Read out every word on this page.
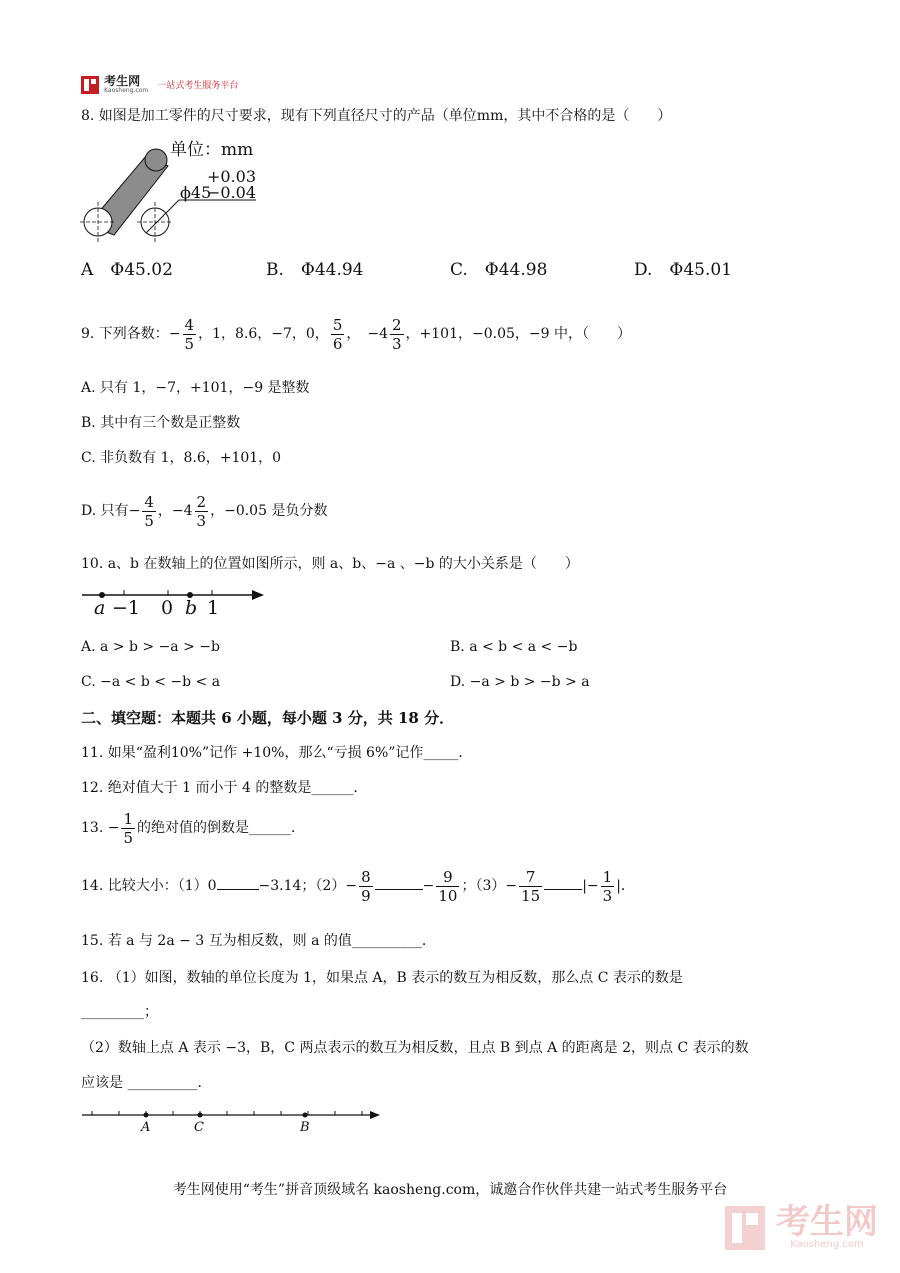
考生网
Kaosheng.com 一站式考生服务平台
8. 如图是加工零件的尺寸要求，现有下列直径尺寸的产品（单位mm，其中不合格的是（　　）
单位：mm
+0.03
ϕ45
−0.04
A　Φ45.02	B.　Φ44.94	C.　Φ44.98	D.　Φ45.01
9. 下列各数：− $\frac{4}{5}$ ，1，8.6，−7，0， $\frac{5}{6}$ ，　$-4 \frac{2}{3}$ ，+101，−0.05，−9 中，（　　）
A. 只有 1，−7，+101，−9 是整数
B. 其中有三个数是正整数
C. 非负数有 1，8.6，+101，0
D. 只有− $\frac{4}{5}$ ，$-4 \frac{2}{3}$ ，−0.05 是负分数
10. a、b 在数轴上的位置如图所示，则 a、b、−a 、−b 的大小关系是（　　）
a −1 0 b 1
A. a > b > −a > −b	B. a < b < a < −b
C. −a < b < −b < a	D. −a > b > −b > a
二、填空题：本题共 6 小题，每小题 3 分，共 18 分．
11. 如果“盈利10%”记作 +10%，那么“亏损 6%”记作_____．
12. 绝对值大于 1 而小于 4 的整数是______．
13. − $\frac{1}{5}$ 的绝对值的倒数是______．
14. 比较大小：（1）0	−3.14；$(2)- \frac{8}{9}$	− $\frac{9}{10}$ ；$(3)- \frac{7}{15}$	|− $\frac{1}{3}$ |．
15. 若 a 与 2a − 3 互为相反数，则 a 的值__________．
16. （1）如图，数轴的单位长度为 1，如果点 A，B 表示的数互为相反数，那么点 C 表示的数是
_________；
（2）数轴上点 A 表示 −3，B，C 两点表示的数互为相反数，且点 B 到点 A 的距离是 2，则点 C 表示的数
应该是 __________．
A	C	B
考生网使用“考生”拼音顶级域名 kaosheng.com，诚邀合作伙伴共建一站式考生服务平台
考生网
Kaosheng.com
